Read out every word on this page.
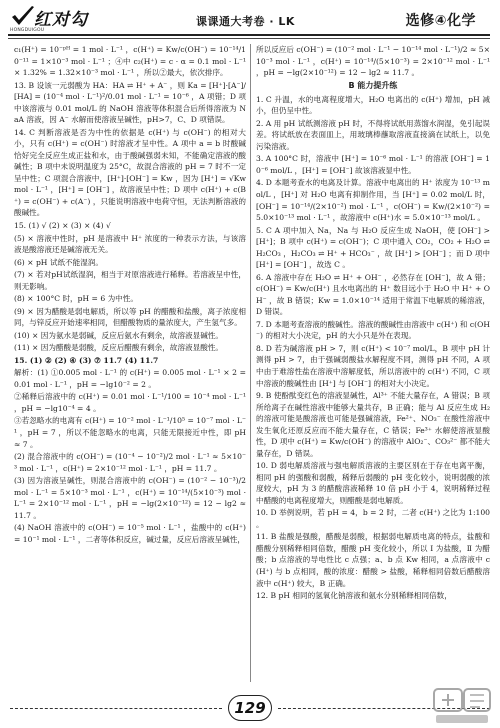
红对勾
HONGDUIGOU
课课通大考卷 · LK	选修④化学

c₁(H⁺) = 10⁻ᵖᴴ = 1 mol · L⁻¹ ，c(H⁺) = Kw/c(OH⁻) = 10⁻¹⁴/10⁻¹¹ = 1×10⁻³ mol · L⁻¹ ；④中 c₂(H⁺) = c · α = 0.1 mol · L⁻¹ × 1.32% = 1.32×10⁻³ mol · L⁻¹ ，所以②最大，依次排序。

13. B 设该一元弱酸为 HA：HA ⇌ H⁺ + A⁻ ，则 Ka = [H⁺]·[A⁻]/[HA] = (10⁻⁴ mol · L⁻¹)²/0.01 mol · L⁻¹ = 10⁻⁶ ，A 项错；D 项中该溶液与 0.01 mol/L 的 NaOH 溶液等体积混合后所得溶液为 NaA 溶液，因 A⁻ 水解而使溶液呈碱性，pH>7，C、D 项错误。

14. C 判断溶液是否为中性的依据是 c(H⁺) 与 c(OH⁻) 的相对大小，只有 c(H⁺) = c(OH⁻) 时溶液才呈中性。A 项中 a = b 时酸碱恰好完全反应生成正盐和水，由于酸碱强弱未知，不能确定溶液的酸碱性；B 项中未说明温度为 25°C，故混合溶液的 pH = 7 时不一定呈中性；C 项混合溶液中，[H⁺]·[OH⁻] = Kw ，因为 [H⁺] = √Kw mol · L⁻¹ ，[H⁺] = [OH⁻] ，故溶液呈中性；D 项中 c(H⁺) + c(B⁺) = c(OH⁻) + c(A⁻) ，只能说明溶液中电荷守恒，无法判断溶液的酸碱性。

15. (1) √ (2) × (3) × (4) √

(5) × 溶液中性时，pH 是溶液中 H⁺ 浓度的一种表示方法，与该溶液是酸溶液还是碱溶液无关。

(6) × pH 试纸不能湿润。

(7) × 若对pH试纸湿润，相当于对原溶液进行稀释。若溶液呈中性，则无影响。

(8) × 100°C 时，pH = 6 为中性。

(9) × 因为醋酸是弱电解质，所以等 pH 的醋酸和盐酸，离子浓度相同，与锌反应开始速率相同，但醋酸物质的量浓度大，产生氢气多。

(10) × 因为氨水是弱碱，反应后氨水有剩余，故溶液显碱性。

(11) × 因为醋酸是弱酸，反应后醋酸有剩余，故溶液显酸性。

15. (1) ② (2) ④ (3) ⑦ 11.7 (4) 11.7

解析：(1) ①0.005 mol · L⁻¹ 的 c(H⁺) = 0.005 mol · L⁻¹ × 2 = 0.01 mol · L⁻¹ ，pH = −lg10⁻² = 2 。

②稀释后溶液中的 c(H⁺) = 0.01 mol · L⁻¹/100 = 10⁻⁴ mol · L⁻¹ ，pH = −lg10⁻⁴ = 4 。

③若忽略水的电离有 c(H⁺) = 10⁻² mol · L⁻¹/10⁵ = 10⁻⁷ mol · L⁻¹ ，pH = 7 ，所以不能忽略水的电离，只能无限接近中性，即 pH ≈ 7 。

(2) 混合溶液中的 c(OH⁻) = (10⁻⁴ − 10⁻²)/2 mol · L⁻¹ ≈ 5×10⁻³ mol · L⁻¹ ，c(H⁺) = 2×10⁻¹² mol · L⁻¹ ，pH = 11.7 。

(3) 因为溶液呈碱性，则混合溶液中的 c(OH⁻) = (10⁻² − 10⁻³)/2 mol · L⁻¹ = 5×10⁻³ mol · L⁻¹ ，c(H⁺) = 10⁻¹⁴/(5×10⁻³) mol · L⁻¹ = 2×10⁻¹² mol · L⁻¹ ，pH = −lg(2×10⁻¹²) = 12 − lg2 ≈ 11.7 。

(4) NaOH 溶液中的 c(OH⁻) = 10⁻⁵ mol · L⁻¹ ，盐酸中的 c(H⁺) = 10⁻¹ mol · L⁻¹ ，二者等体积反应，碱过量，反应后溶液呈碱性，

所以反应后 c(OH⁻) = (10⁻² mol · L⁻¹ − 10⁻¹⁴ mol · L⁻¹)/2 ≈ 5×10⁻³ mol · L⁻¹ ，c(H⁺) = 10⁻¹⁴/(5×10⁻³) = 2×10⁻¹² mol · L⁻¹ ，pH = −lg(2×10⁻¹²) = 12 − lg2 ≈ 11.7 。

B 能力提升练

1. C 升温，水的电离程度增大，H₂O 电离出的 c(H⁺) 增加，pH 减小，但仍呈中性。

2. A 用 pH 试纸测溶液 pH 时，不得将试纸用蒸馏水润湿，免引起误差。将试纸放在表面皿上，用玻璃棒蘸取溶液直接滴在试纸上，以免污染溶液。

3. A 100°C 时，溶液中 [H⁺] = 10⁻⁶ mol · L⁻¹ 的溶液 [OH⁻] = 10⁻⁶ mol/L ，[H⁺] = [OH⁻] 故该溶液显中性。

4. D 本题考查水的电离及计算。溶液中电离出的 H⁺ 浓度为 10⁻¹³ mol/L ，[H⁺] 对 H₂O 电离有抑制作用，当 [H⁺] = 0.02 mol/L 时，[OH⁻] = 10⁻¹⁴/(2×10⁻²) mol · L⁻¹ ，c(OH⁻) = Kw/(2×10⁻²) = 5.0×10⁻¹³ mol · L⁻¹ ，故溶液中 c(H⁺)水 = 5.0×10⁻¹³ mol/L 。

5. C A 项中加入 Na，Na 与 H₂O 反应生成 NaOH，使 [OH⁻] > [H⁺]；B 项中 c(H⁺) = c(OH⁻)；C 项中通入 CO₂，CO₂ + H₂O ⇌ H₂CO₃ ，H₂CO₃ ⇌ H⁺ + HCO₃⁻ ，故 [H⁺] > [OH⁻] ；而 D 项中 [H⁺] = [OH⁻] ，故选 C 。

6. A 溶液中存在 H₂O ⇌ H⁺ + OH⁻ ，必然存在 [OH⁻]，故 A 错；c(OH⁻) = Kw/c(H⁺) 且水电离出的 H⁺ 数目远小于 H₂O 中 H⁺ + OH⁻ ，故 B 错误；Kw = 1.0×10⁻¹⁴ 适用于常温下电解质的稀溶液，D 错误。

7. D 本题考查溶液的酸碱性。溶液的酸碱性由溶液中 c(H⁺) 和 c(OH⁻) 的相对大小决定，pH 的大小只是外在表现。

8. D 若为碱溶液 pH > 7，则 c(H⁺) < 10⁻⁷ mol/L，B 项中 pH 计测得 pH > 7，由于强碱弱酸盐水解程度不同，测得 pH 不同，A 项中由于难溶性盐在溶液中溶解度低，所以溶液中的 c(H⁺) 不同，C 项中溶液的酸碱性由 [H⁺] 与 [OH⁻] 的相对大小决定。

9. B 使酚酞变红色的溶液显碱性，Al³⁺ 不能大量存在，A 错误；B 项所给离子在碱性溶液中能够大量共存，B 正确；能与 Al 反应生成 H₂ 的溶液可能是酸溶液也可能是强碱溶液，Fe²⁺、NO₃⁻ 在酸性溶液中发生氧化还原反应而不能大量存在，C 错误；Fe³⁺ 水解使溶液显酸性，D 项中 c(H⁺) = Kw/c(OH⁻) 的溶液中 AlO₂⁻、CO₃²⁻ 都不能大量存在，D 错误。

10. D 弱电解质溶液与强电解质溶液的主要区别在于存在电离平衡，相同 pH 的强酸和弱酸，稀释后弱酸的 pH 变化较小，说明弱酸的浓度较大，pH 为 3 的醋酸溶液稀释 10 倍 pH 小于 4，说明稀释过程中醋酸的电离程度增大，则醋酸是弱电解质。

10. D 举例说明，若 pH = 4，b = 2 时，二者 c(H⁺) 之比为 1:100 。

11. B 盐酸是强酸，醋酸是弱酸，根据弱电解质电离的特点，盐酸和醋酸分别稀释相同倍数，醋酸 pH 变化较小，所以 I 为盐酸，Ⅱ 为醋酸；b 点溶液的导电性比 c 点强；a、b 点 Kw 相同，a 点溶液中 c(H⁺) 与 b 点相同，酸的浓度：醋酸 > 盐酸，稀释相同倍数后醋酸溶液中 c(H⁺) 较大，B 正确。

12. B pH 相同的氢氧化钠溶液和氨水分别稀释相同倍数，

129
